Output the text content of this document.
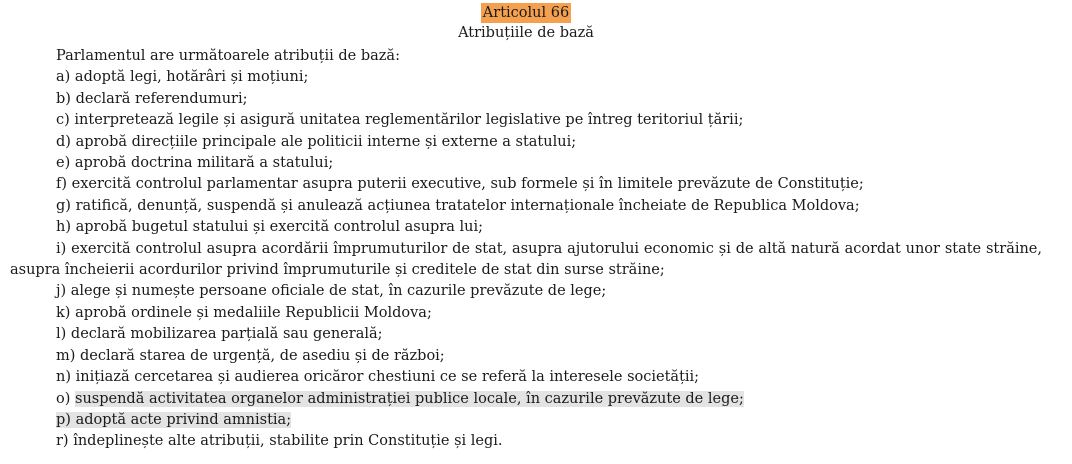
Articolul 66
Atribuțiile de bază
Parlamentul are următoarele atribuții de bază:
a) adoptă legi, hotărâri și moțiuni;
b) declară referendumuri;
c) interpretează legile și asigură unitatea reglementărilor legislative pe întreg teritoriul țării;
d) aprobă direcțiile principale ale politicii interne și externe a statului;
e) aprobă doctrina militară a statului;
f) exercită controlul parlamentar asupra puterii executive, sub formele și în limitele prevăzute de Constituție;
g) ratifică, denunță, suspendă și anulează acțiunea tratatelor internaționale încheiate de Republica Moldova;
h) aprobă bugetul statului și exercită controlul asupra lui;
i) exercită controlul asupra acordării împrumuturilor de stat, asupra ajutorului economic și de altă natură acordat unor state străine,
asupra încheierii acordurilor privind împrumuturile și creditele de stat din surse străine;
j) alege și numește persoane oficiale de stat, în cazurile prevăzute de lege;
k) aprobă ordinele și medaliile Republicii Moldova;
l) declară mobilizarea parțială sau generală;
m) declară starea de urgență, de asediu și de război;
n) inițiază cercetarea și audierea oricăror chestiuni ce se referă la interesele societății;
o) suspendă activitatea organelor administrației publice locale, în cazurile prevăzute de lege;
p) adoptă acte privind amnistia;
r) îndeplinește alte atribuții, stabilite prin Constituție și legi.
